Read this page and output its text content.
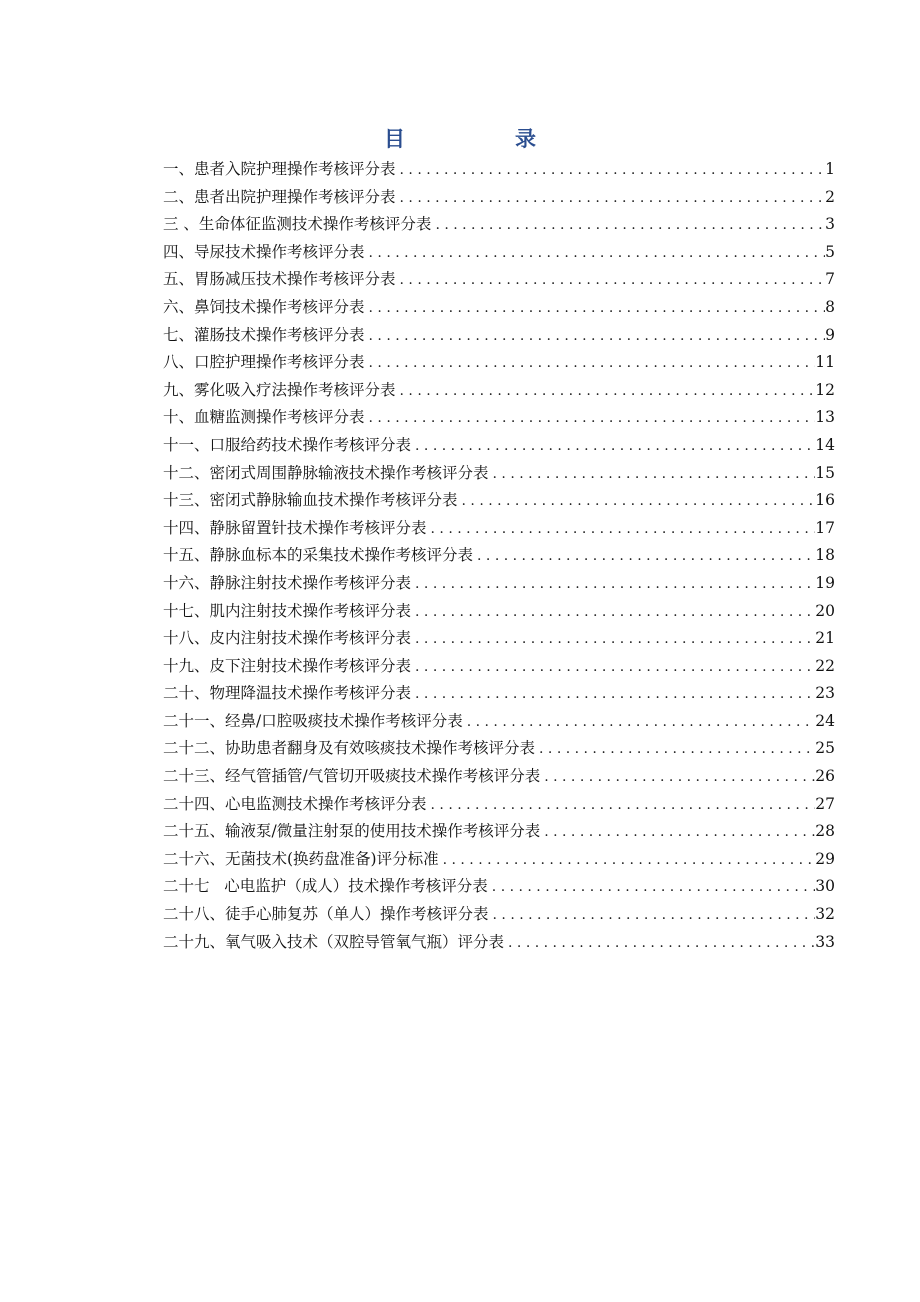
目	录
一、患者入院护理操作考核评分表 . . .	1
二、患者出院护理操作考核评分表 . . .	2
三 、生命体征监测技术操作考核评分表 . . .	3
四、导尿技术操作考核评分表 . . .	5
五、胃肠减压技术操作考核评分表 . . .	7
六、鼻饲技术操作考核评分表 . . .	8
七、灌肠技术操作考核评分表 . . .	9
八、口腔护理操作考核评分表 . . .	11
九、雾化吸入疗法操作考核评分表 . . .	12
十、血糖监测操作考核评分表 . . .	13
十一、口服给药技术操作考核评分表 . . .	14
十二、密闭式周围静脉输液技术操作考核评分表 . . .	15
十三、密闭式静脉输血技术操作考核评分表 . . .	16
十四、静脉留置针技术操作考核评分表 . . .	17
十五、静脉血标本的采集技术操作考核评分表 . . .	18
十六、静脉注射技术操作考核评分表 . . .	19
十七、肌内注射技术操作考核评分表 . . .	20
十八、皮内注射技术操作考核评分表 . . .	21
十九、皮下注射技术操作考核评分表 . . .	22
二十、物理降温技术操作考核评分表 . . .	23
二十一、经鼻/口腔吸痰技术操作考核评分表 . . .	24
二十二、协助患者翻身及有效咳痰技术操作考核评分表 . . .	25
二十三、经气管插管/气管切开吸痰技术操作考核评分表 . . .	26
二十四、心电监测技术操作考核评分表 . . .	27
二十五、输液泵/微量注射泵的使用技术操作考核评分表 . . .	28
二十六、无菌技术(换药盘准备)评分标准 . . .	29
二十七   心电监护（成人）技术操作考核评分表 . . .	30
二十八、徒手心肺复苏（单人）操作考核评分表 . . .	32
二十九、氧气吸入技术（双腔导管氧气瓶）评分表 . . .	33
